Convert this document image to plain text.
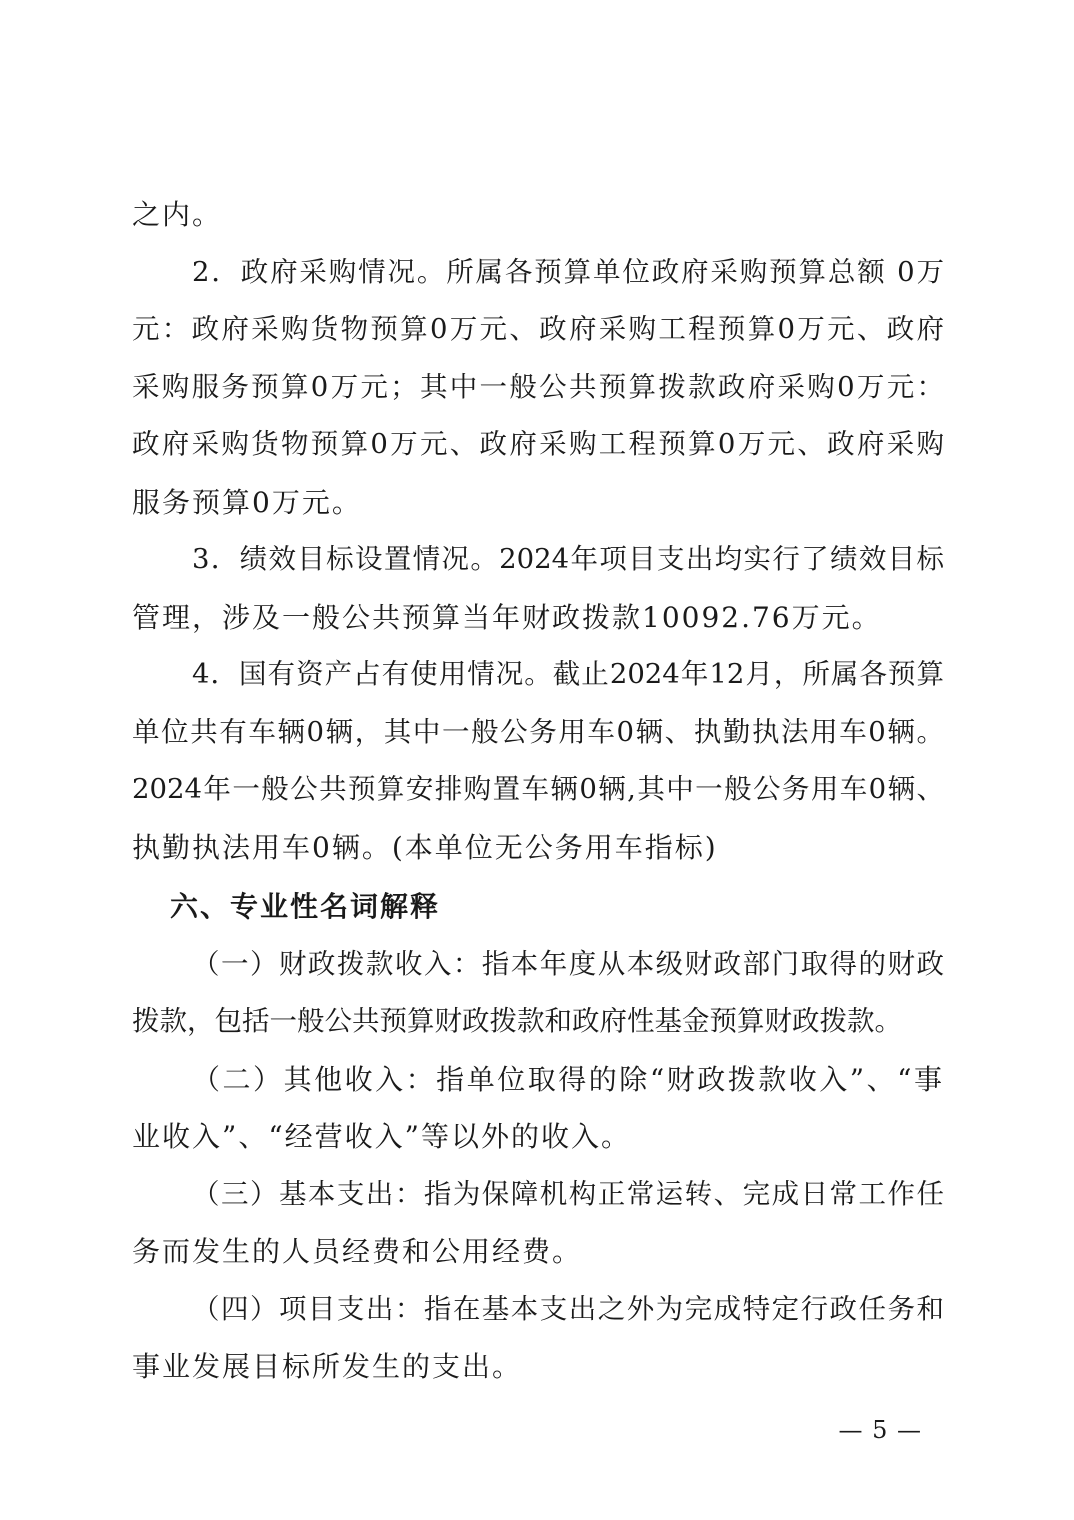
之内。
2．政府采购情况。所属各预算单位政府采购预算总额 0万
元：政府采购货物预算0万元、政府采购工程预算0万元、政府
采购服务预算0万元；其中一般公共预算拨款政府采购0万元：
政府采购货物预算0万元、政府采购工程预算0万元、政府采购
服务预算0万元。
3．绩效目标设置情况。2024年项目支出均实行了绩效目标
管理，涉及一般公共预算当年财政拨款10092.76万元。
4．国有资产占有使用情况。截止2024年12月，所属各预算
单位共有车辆0辆，其中一般公务用车0辆、执勤执法用车0辆。
2024年一般公共预算安排购置车辆0辆,其中一般公务用车0辆、
执勤执法用车0辆。(本单位无公务用车指标)
六、专业性名词解释
（一）财政拨款收入：指本年度从本级财政部门取得的财政
拨款，包括一般公共预算财政拨款和政府性基金预算财政拨款。
（二）其他收入：指单位取得的除“财政拨款收入”、“事
业收入”、“经营收入”等以外的收入。
（三）基本支出：指为保障机构正常运转、完成日常工作任
务而发生的人员经费和公用经费。
（四）项目支出：指在基本支出之外为完成特定行政任务和
事业发展目标所发生的支出。
— 5 —
